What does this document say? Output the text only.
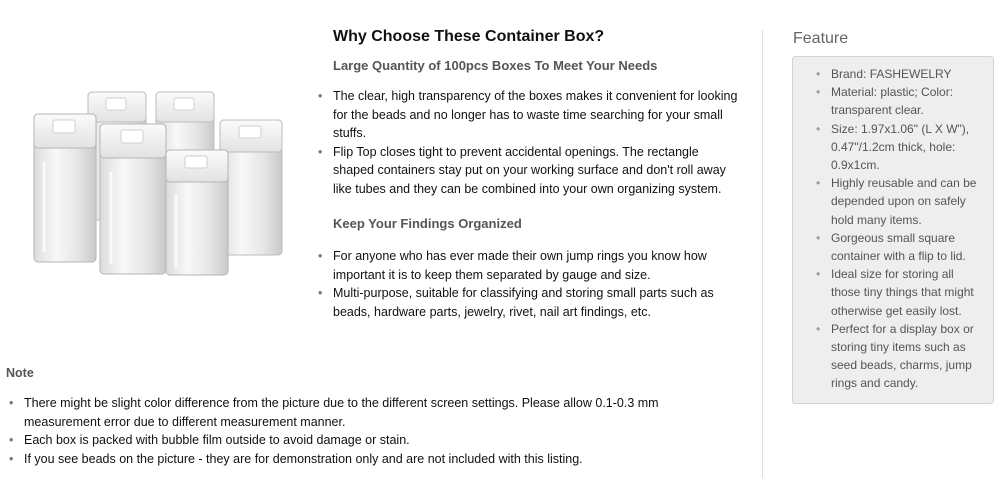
Why Choose These Container Box?
Large Quantity of 100pcs Boxes To Meet Your Needs
• The clear, high transparency of the boxes makes it convenient for looking for the beads and no longer has to waste time searching for your small stuffs.
• Flip Top closes tight to prevent accidental openings. The rectangle shaped containers stay put on your working surface and don't roll away like tubes and they can be combined into your own organizing system.
Keep Your Findings Organized
• For anyone who has ever made their own jump rings you know how important it is to keep them separated by gauge and size.
• Multi-purpose, suitable for classifying and storing small parts such as beads, hardware parts, jewelry, rivet, nail art findings, etc.
Note
• There might be slight color difference from the picture due to the different screen settings. Please allow 0.1-0.3 mm measurement error due to different measurement manner.
• Each box is packed with bubble film outside to avoid damage or stain.
• If you see beads on the picture - they are for demonstration only and are not included with this listing.
Feature
• Brand: FASHEWELRY
• Material: plastic; Color: transparent clear.
• Size: 1.97x1.06" (L X W"), 0.47"/1.2cm thick, hole: 0.9x1cm.
• Highly reusable and can be depended upon on safely hold many items.
• Gorgeous small square container with a flip to lid.
• Ideal size for storing all those tiny things that might otherwise get easily lost.
• Perfect for a display box or storing tiny items such as seed beads, charms, jump rings and candy.
